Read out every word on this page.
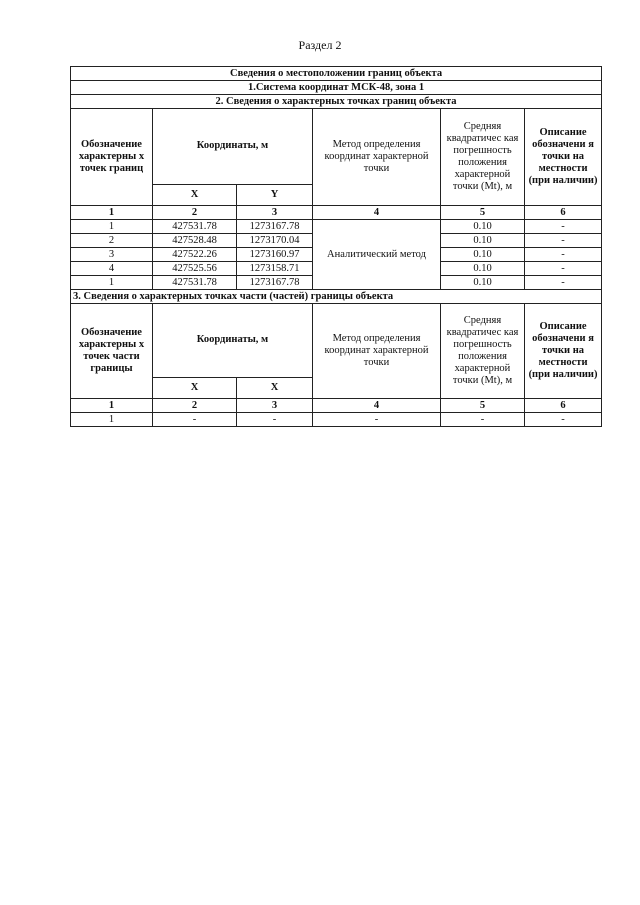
Раздел 2
Сведения о местоположении границ объекта					
1.Система координат МСК-48, зона 1					
2. Сведения о характерных точках границ объекта					
Обозначение характерны х точек границ	Координаты, м		Метод определения координат характерной точки	Средняя квадратичес кая погрешность положения характерной точки (Mt), м	Описание обозначени я точки на местности (при наличии)
	X	Y			
1	2	3	4	5	6
1	427531.78	1273167.78	Аналитический метод	0.10	-
2	427528.48	1273170.04		0.10	-
3	427522.26	1273160.97		0.10	-
4	427525.56	1273158.71		0.10	-
1	427531.78	1273167.78		0.10	-
3. Сведения о характерных точках части (частей) границы объекта					
Обозначение характерны х точек части границы	Координаты, м		Метод определения координат характерной точки	Средняя квадратичес кая погрешность положения характерной точки (Mt), м	Описание обозначени я точки на местности (при наличии)
	X	X			
1	2	3	4	5	6
1	-	-	-	-	-
